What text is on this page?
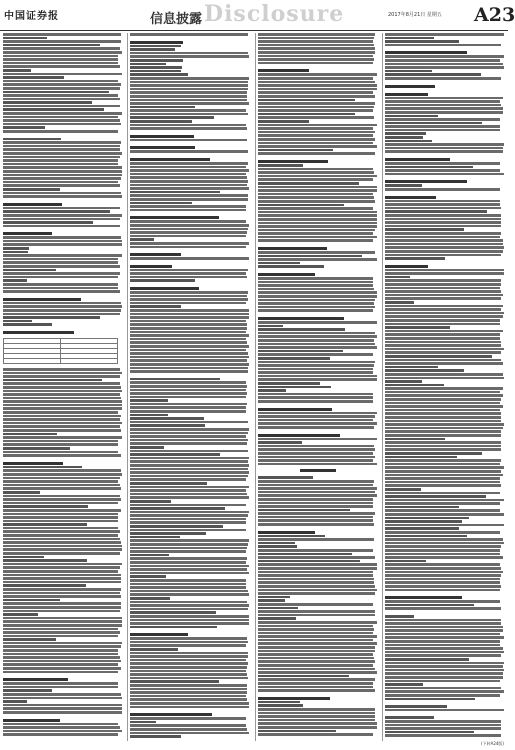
中国证券报	信息披露 Disclosure	2017年8月21日 星期五 A23

(下转A24版)
